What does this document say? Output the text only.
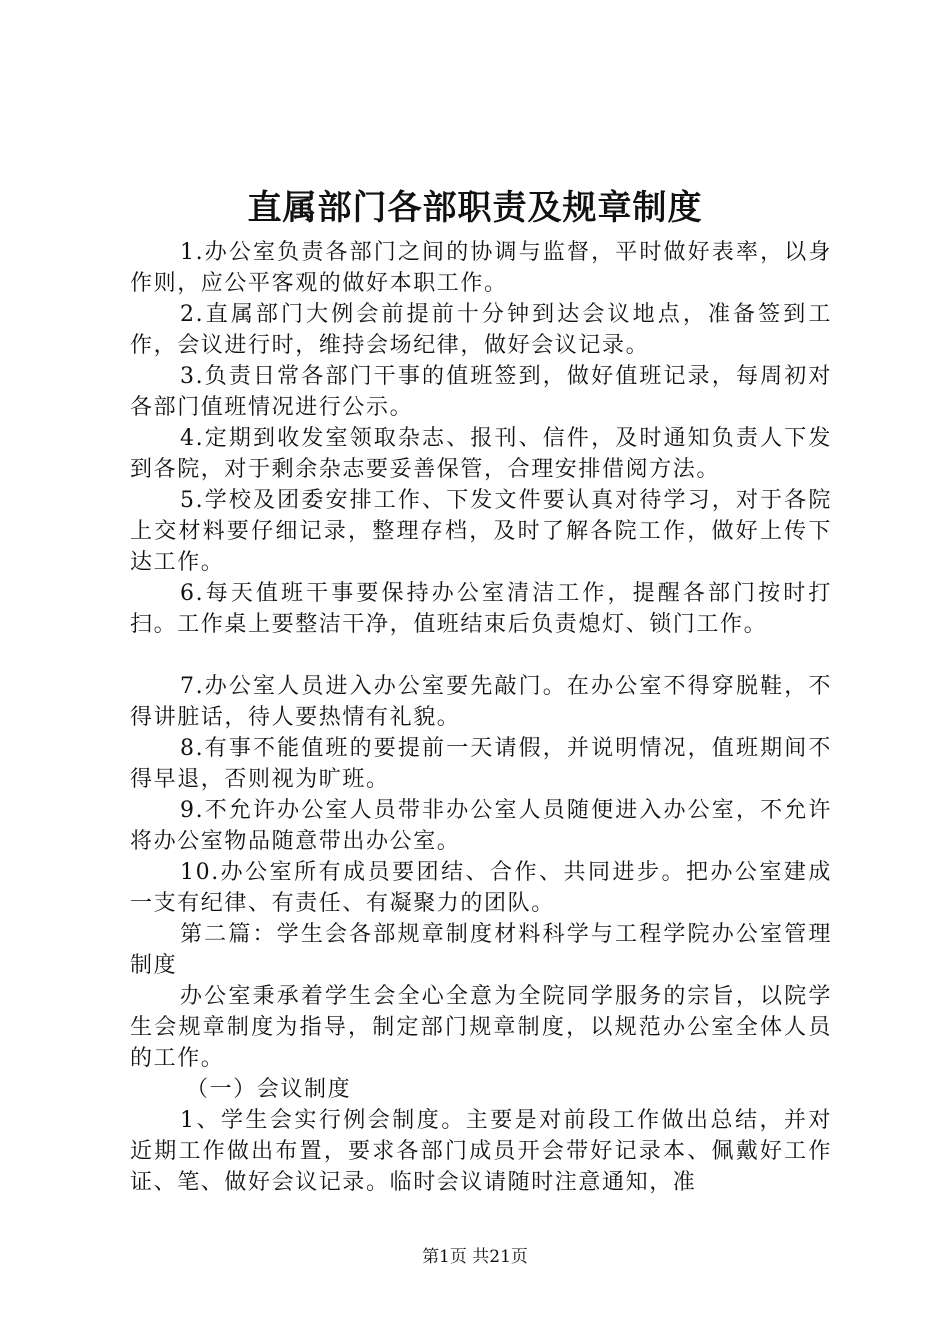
直属部门各部职责及规章制度

1.办公室负责各部门之间的协调与监督，平时做好表率，以身作则，应公平客观的做好本职工作。

2.直属部门大例会前提前十分钟到达会议地点，准备签到工作，会议进行时，维持会场纪律，做好会议记录。

3.负责日常各部门干事的值班签到，做好值班记录，每周初对各部门值班情况进行公示。

4.定期到收发室领取杂志、报刊、信件，及时通知负责人下发到各院，对于剩余杂志要妥善保管，合理安排借阅方法。

5.学校及团委安排工作、下发文件要认真对待学习，对于各院上交材料要仔细记录，整理存档，及时了解各院工作，做好上传下达工作。

6.每天值班干事要保持办公室清洁工作，提醒各部门按时打扫。工作桌上要整洁干净，值班结束后负责熄灯、锁门工作。

7.办公室人员进入办公室要先敲门。在办公室不得穿脱鞋，不得讲脏话，待人要热情有礼貌。

8.有事不能值班的要提前一天请假，并说明情况，值班期间不得早退，否则视为旷班。

9.不允许办公室人员带非办公室人员随便进入办公室，不允许将办公室物品随意带出办公室。

10.办公室所有成员要团结、合作、共同进步。把办公室建成一支有纪律、有责任、有凝聚力的团队。

第二篇：学生会各部规章制度材料科学与工程学院办公室管理制度

办公室秉承着学生会全心全意为全院同学服务的宗旨，以院学生会规章制度为指导，制定部门规章制度，以规范办公室全体人员的工作。

（一）会议制度

1、学生会实行例会制度。主要是对前段工作做出总结，并对近期工作做出布置，要求各部门成员开会带好记录本、佩戴好工作证、笔、做好会议记录。临时会议请随时注意通知，准

第1页 共21页
